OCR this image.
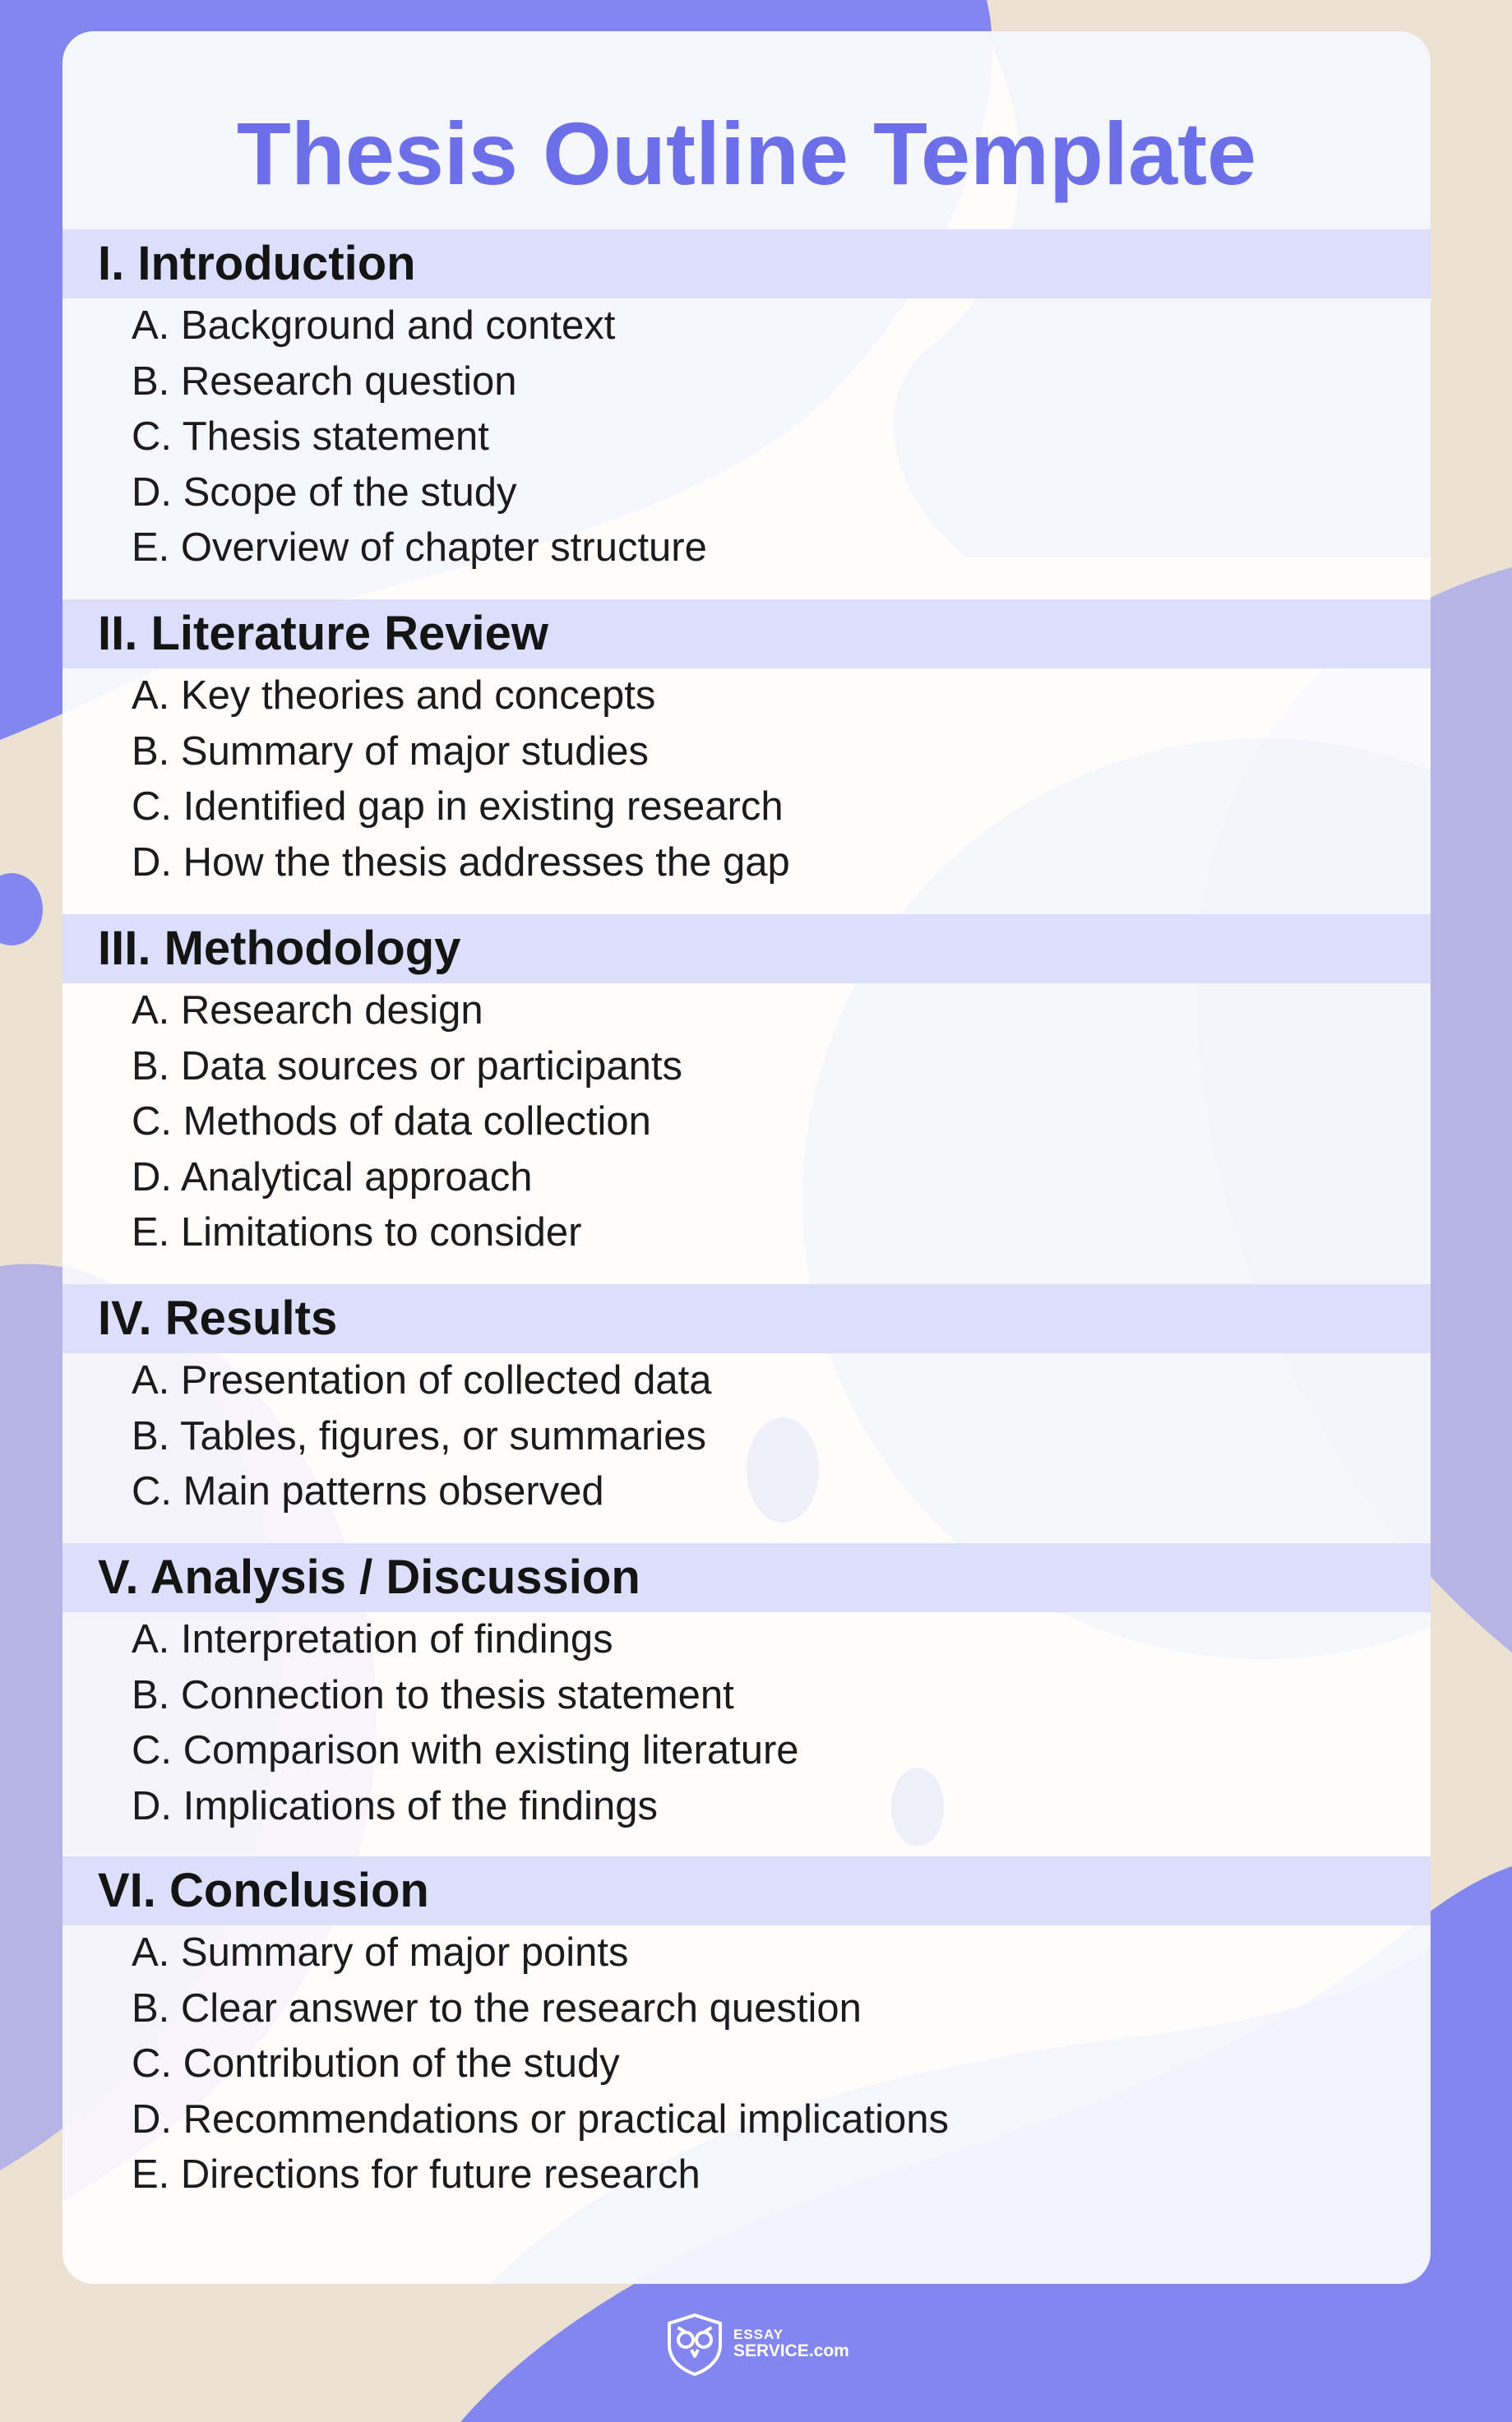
Thesis Outline Template
I. Introduction
A. Background and context
B. Research question
C. Thesis statement
D. Scope of the study
E. Overview of chapter structure
II. Literature Review
A. Key theories and concepts
B. Summary of major studies
C. Identified gap in existing research
D. How the thesis addresses the gap
III. Methodology
A. Research design
B. Data sources or participants
C. Methods of data collection
D. Analytical approach
E. Limitations to consider
IV. Results
A. Presentation of collected data
B. Tables, figures, or summaries
C. Main patterns observed
V. Analysis / Discussion
A. Interpretation of findings
B. Connection to thesis statement
C. Comparison with existing literature
D. Implications of the findings
VI. Conclusion
A. Summary of major points
B. Clear answer to the research question
C. Contribution of the study
D. Recommendations or practical implications
E. Directions for future research
ESSAY
SERVICE.com
